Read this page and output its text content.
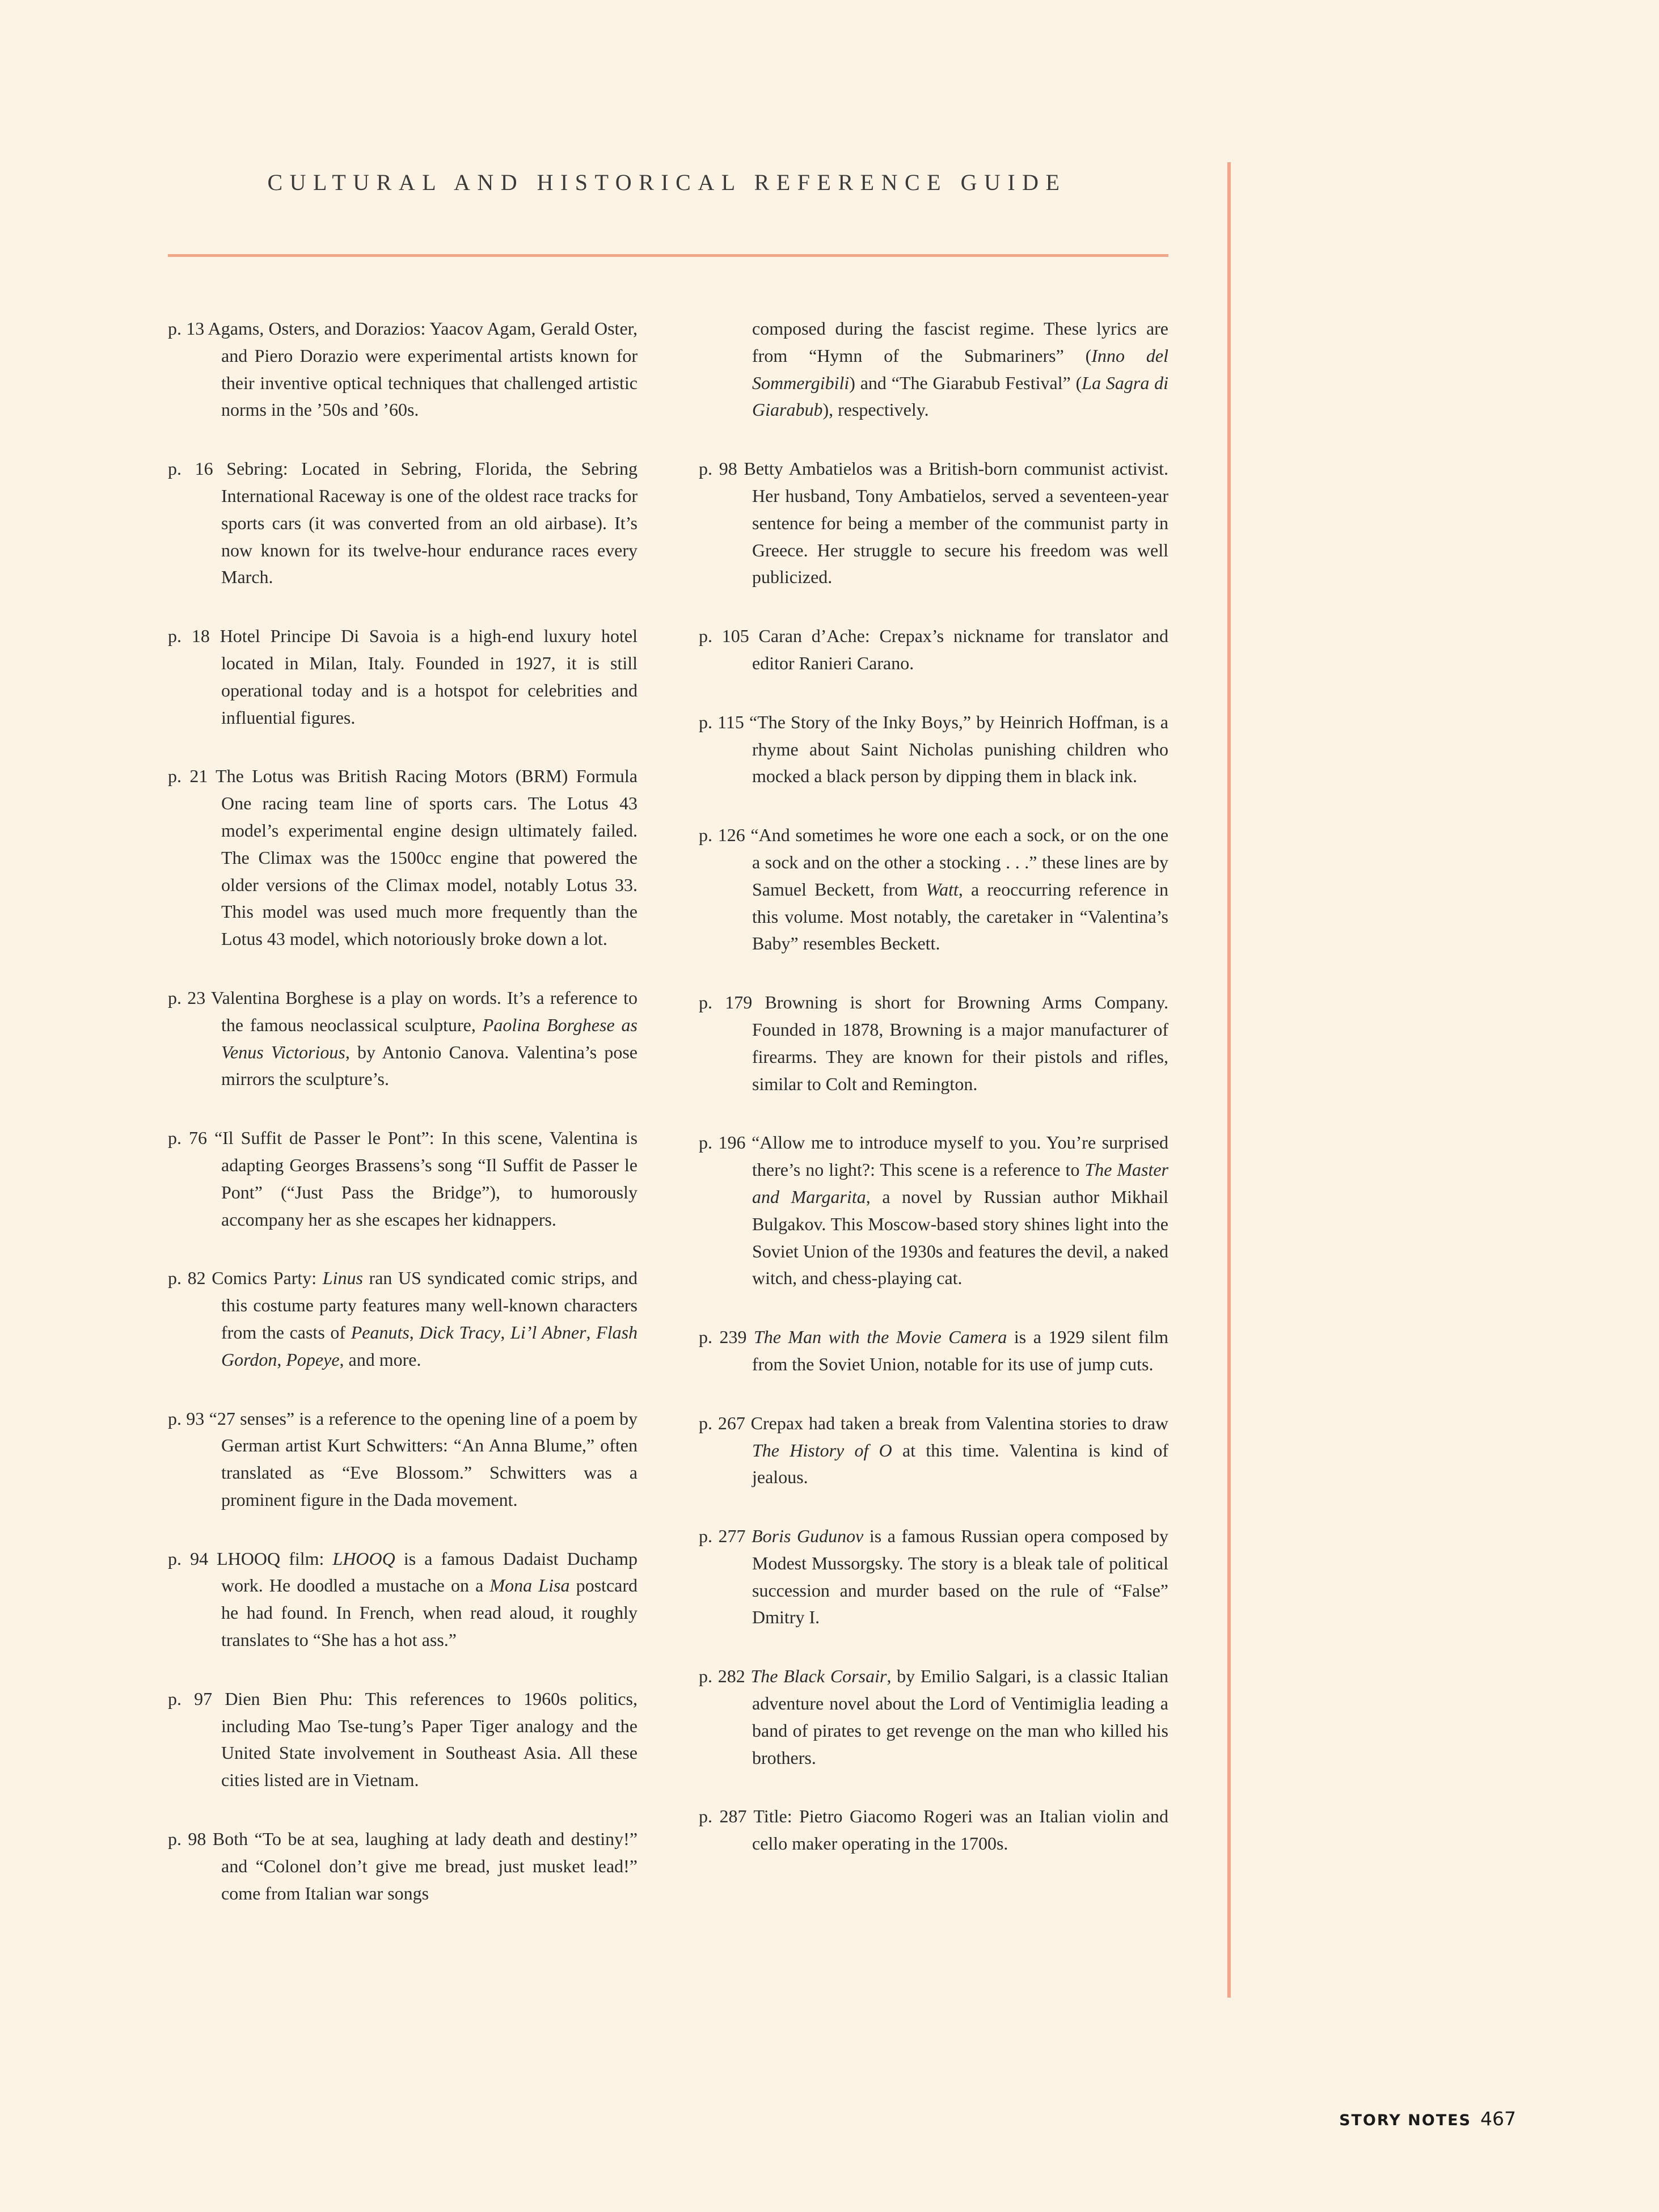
CULTURAL AND HISTORICAL REFERENCE GUIDE

p. 13 Agams, Osters, and Dorazios: Yaacov Agam, Gerald Oster, and Piero Dorazio were experimental artists known for their inventive optical techniques that challenged artistic norms in the ’50s and ’60s.

p. 16 Sebring: Located in Sebring, Florida, the Sebring International Raceway is one of the oldest race tracks for sports cars (it was converted from an old airbase). It’s now known for its twelve-hour endurance races every March.

p. 18 Hotel Principe Di Savoia is a high-end luxury hotel located in Milan, Italy. Founded in 1927, it is still operational today and is a hotspot for celebrities and influential figures.

p. 21 The Lotus was British Racing Motors (BRM) Formula One racing team line of sports cars. The Lotus 43 model’s experimental engine design ultimately failed. The Climax was the 1500cc engine that powered the older versions of the Climax model, notably Lotus 33. This model was used much more frequently than the Lotus 43 model, which notoriously broke down a lot.

p. 23 Valentina Borghese is a play on words. It’s a reference to the famous neoclassical sculpture, Paolina Borghese as Venus Victorious, by Antonio Canova. Valentina’s pose mirrors the sculpture’s.

p. 76 “Il Suffit de Passer le Pont”: In this scene, Valentina is adapting Georges Brassens’s song “Il Suffit de Passer le Pont” (“Just Pass the Bridge”), to humorously accompany her as she escapes her kidnappers.

p. 82 Comics Party: Linus ran US syndicated comic strips, and this costume party features many well-known characters from the casts of Peanuts, Dick Tracy, Li’l Abner, Flash Gordon, Popeye, and more.

p. 93 “27 senses” is a reference to the opening line of a poem by German artist Kurt Schwitters: “An Anna Blume,” often translated as “Eve Blossom.” Schwitters was a prominent figure in the Dada movement.

p. 94 LHOOQ film: LHOOQ is a famous Dadaist Duchamp work. He doodled a mustache on a Mona Lisa postcard he had found. In French, when read aloud, it roughly translates to “She has a hot ass.”

p. 97 Dien Bien Phu: This references to 1960s politics, including Mao Tse-tung’s Paper Tiger analogy and the United State involvement in Southeast Asia. All these cities listed are in Vietnam.

p. 98 Both “To be at sea, laughing at lady death and destiny!” and “Colonel don’t give me bread, just musket lead!” come from Italian war songs

composed during the fascist regime. These lyrics are from “Hymn of the Submariners” (Inno del Sommergibili) and “The Giarabub Festival” (La Sagra di Giarabub), respectively.

p. 98 Betty Ambatielos was a British-born communist activist. Her husband, Tony Ambatielos, served a seventeen-year sentence for being a member of the communist party in Greece. Her struggle to secure his freedom was well publicized.

p. 105 Caran d’Ache: Crepax’s nickname for translator and editor Ranieri Carano.

p. 115 “The Story of the Inky Boys,” by Heinrich Hoffman, is a rhyme about Saint Nicholas punishing children who mocked a black person by dipping them in black ink.

p. 126 “And sometimes he wore one each a sock, or on the one a sock and on the other a stocking . . .” these lines are by Samuel Beckett, from Watt, a reoccurring reference in this volume. Most notably, the caretaker in “Valentina’s Baby” resembles Beckett.

p. 179 Browning is short for Browning Arms Company. Founded in 1878, Browning is a major manufacturer of firearms. They are known for their pistols and rifles, similar to Colt and Remington.

p. 196 “Allow me to introduce myself to you. You’re surprised there’s no light?: This scene is a reference to The Master and Margarita, a novel by Russian author Mikhail Bulgakov. This Moscow-based story shines light into the Soviet Union of the 1930s and features the devil, a naked witch, and chess-playing cat.

p. 239 The Man with the Movie Camera is a 1929 silent film from the Soviet Union, notable for its use of jump cuts.

p. 267 Crepax had taken a break from Valentina stories to draw The History of O at this time. Valentina is kind of jealous.

p. 277 Boris Gudunov is a famous Russian opera composed by Modest Mussorgsky. The story is a bleak tale of political succession and murder based on the rule of “False” Dmitry I.

p. 282 The Black Corsair, by Emilio Salgari, is a classic Italian adventure novel about the Lord of Ventimiglia leading a band of pirates to get revenge on the man who killed his brothers.

p. 287 Title: Pietro Giacomo Rogeri was an Italian violin and cello maker operating in the 1700s.

STORY NOTES 467
